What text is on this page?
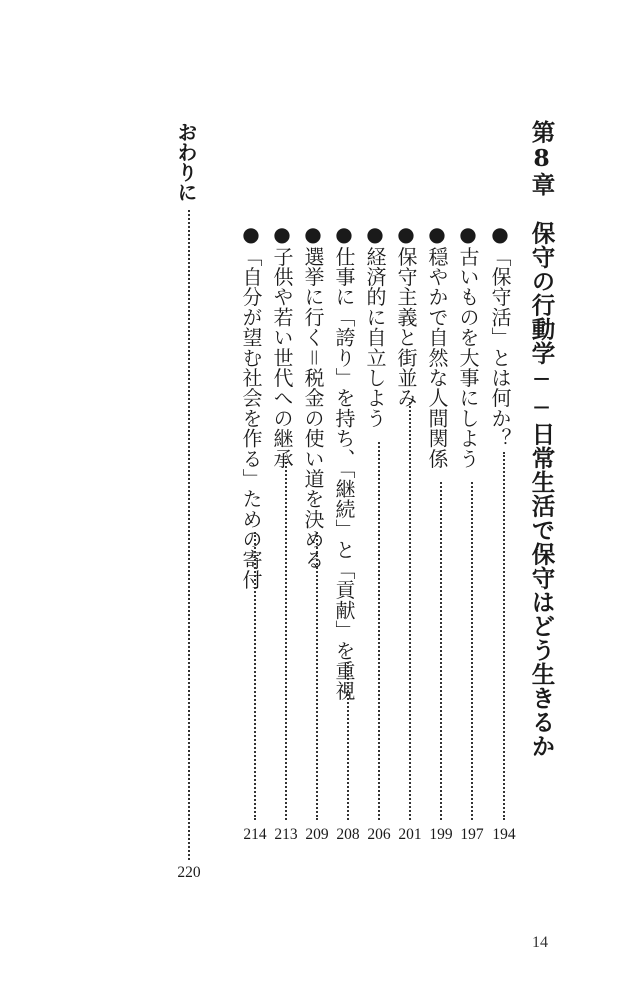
第8章
保守の行動学──日常生活で保守はどう生きるか
●「保守活」とは何か？
194
●古いものを大事にしよう
197
●穏やかで自然な人間関係
199
●保守主義と街並み
201
●経済的に自立しよう
206
●仕事に「誇り」を持ち、「継続」と「貢献」を重視
208
●選挙に行く＝税金の使い道を決める
209
●子供や若い世代への継承
213
●「自分が望む社会を作る」ための寄付
214
おわりに
220
14
